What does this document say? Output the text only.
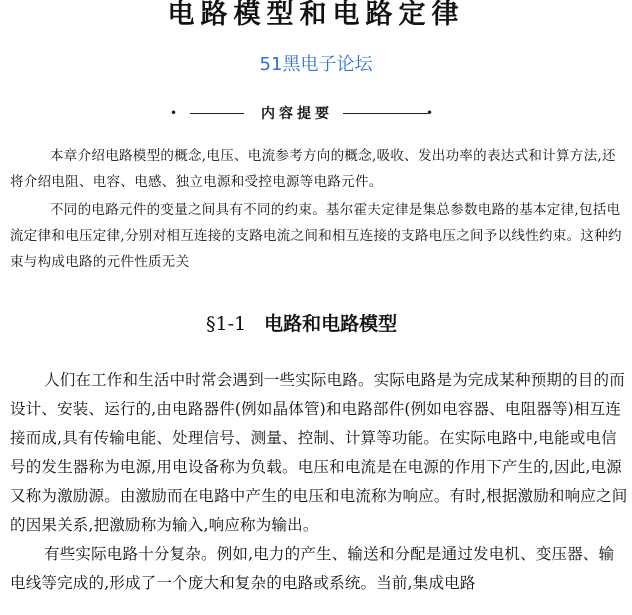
电路模型和电路定律
51黑电子论坛
•	内容提要	•

本章介绍电路模型的概念,电压、电流参考方向的概念,吸收、发出功率的表达式和计算方法,还将介绍电阻、电容、电感、独立电源和受控电源等电路元件。

不同的电路元件的变量之间具有不同的约束。基尔霍夫定律是集总参数电路的基本定律,包括电流定律和电压定律,分别对相互连接的支路电流之间和相互连接的支路电压之间予以线性约束。这种约束与构成电路的元件性质无关

§1-1 电路和电路模型

人们在工作和生活中时常会遇到一些实际电路。实际电路是为完成某种预期的目的而设计、安装、运行的,由电路器件(例如晶体管)和电路部件(例如电容器、电阻器等)相互连接而成,具有传输电能、处理信号、测量、控制、计算等功能。在实际电路中,电能或电信号的发生器称为电源,用电设备称为负载。电压和电流是在电源的作用下产生的,因此,电源又称为激励源。由激励而在电路中产生的电压和电流称为响应。有时,根据激励和响应之间的因果关系,把激励称为输入,响应称为输出。

有些实际电路十分复杂。例如,电力的产生、输送和分配是通过发电机、变压器、输电线等完成的,形成了一个庞大和复杂的电路或系统。当前,集成电路
